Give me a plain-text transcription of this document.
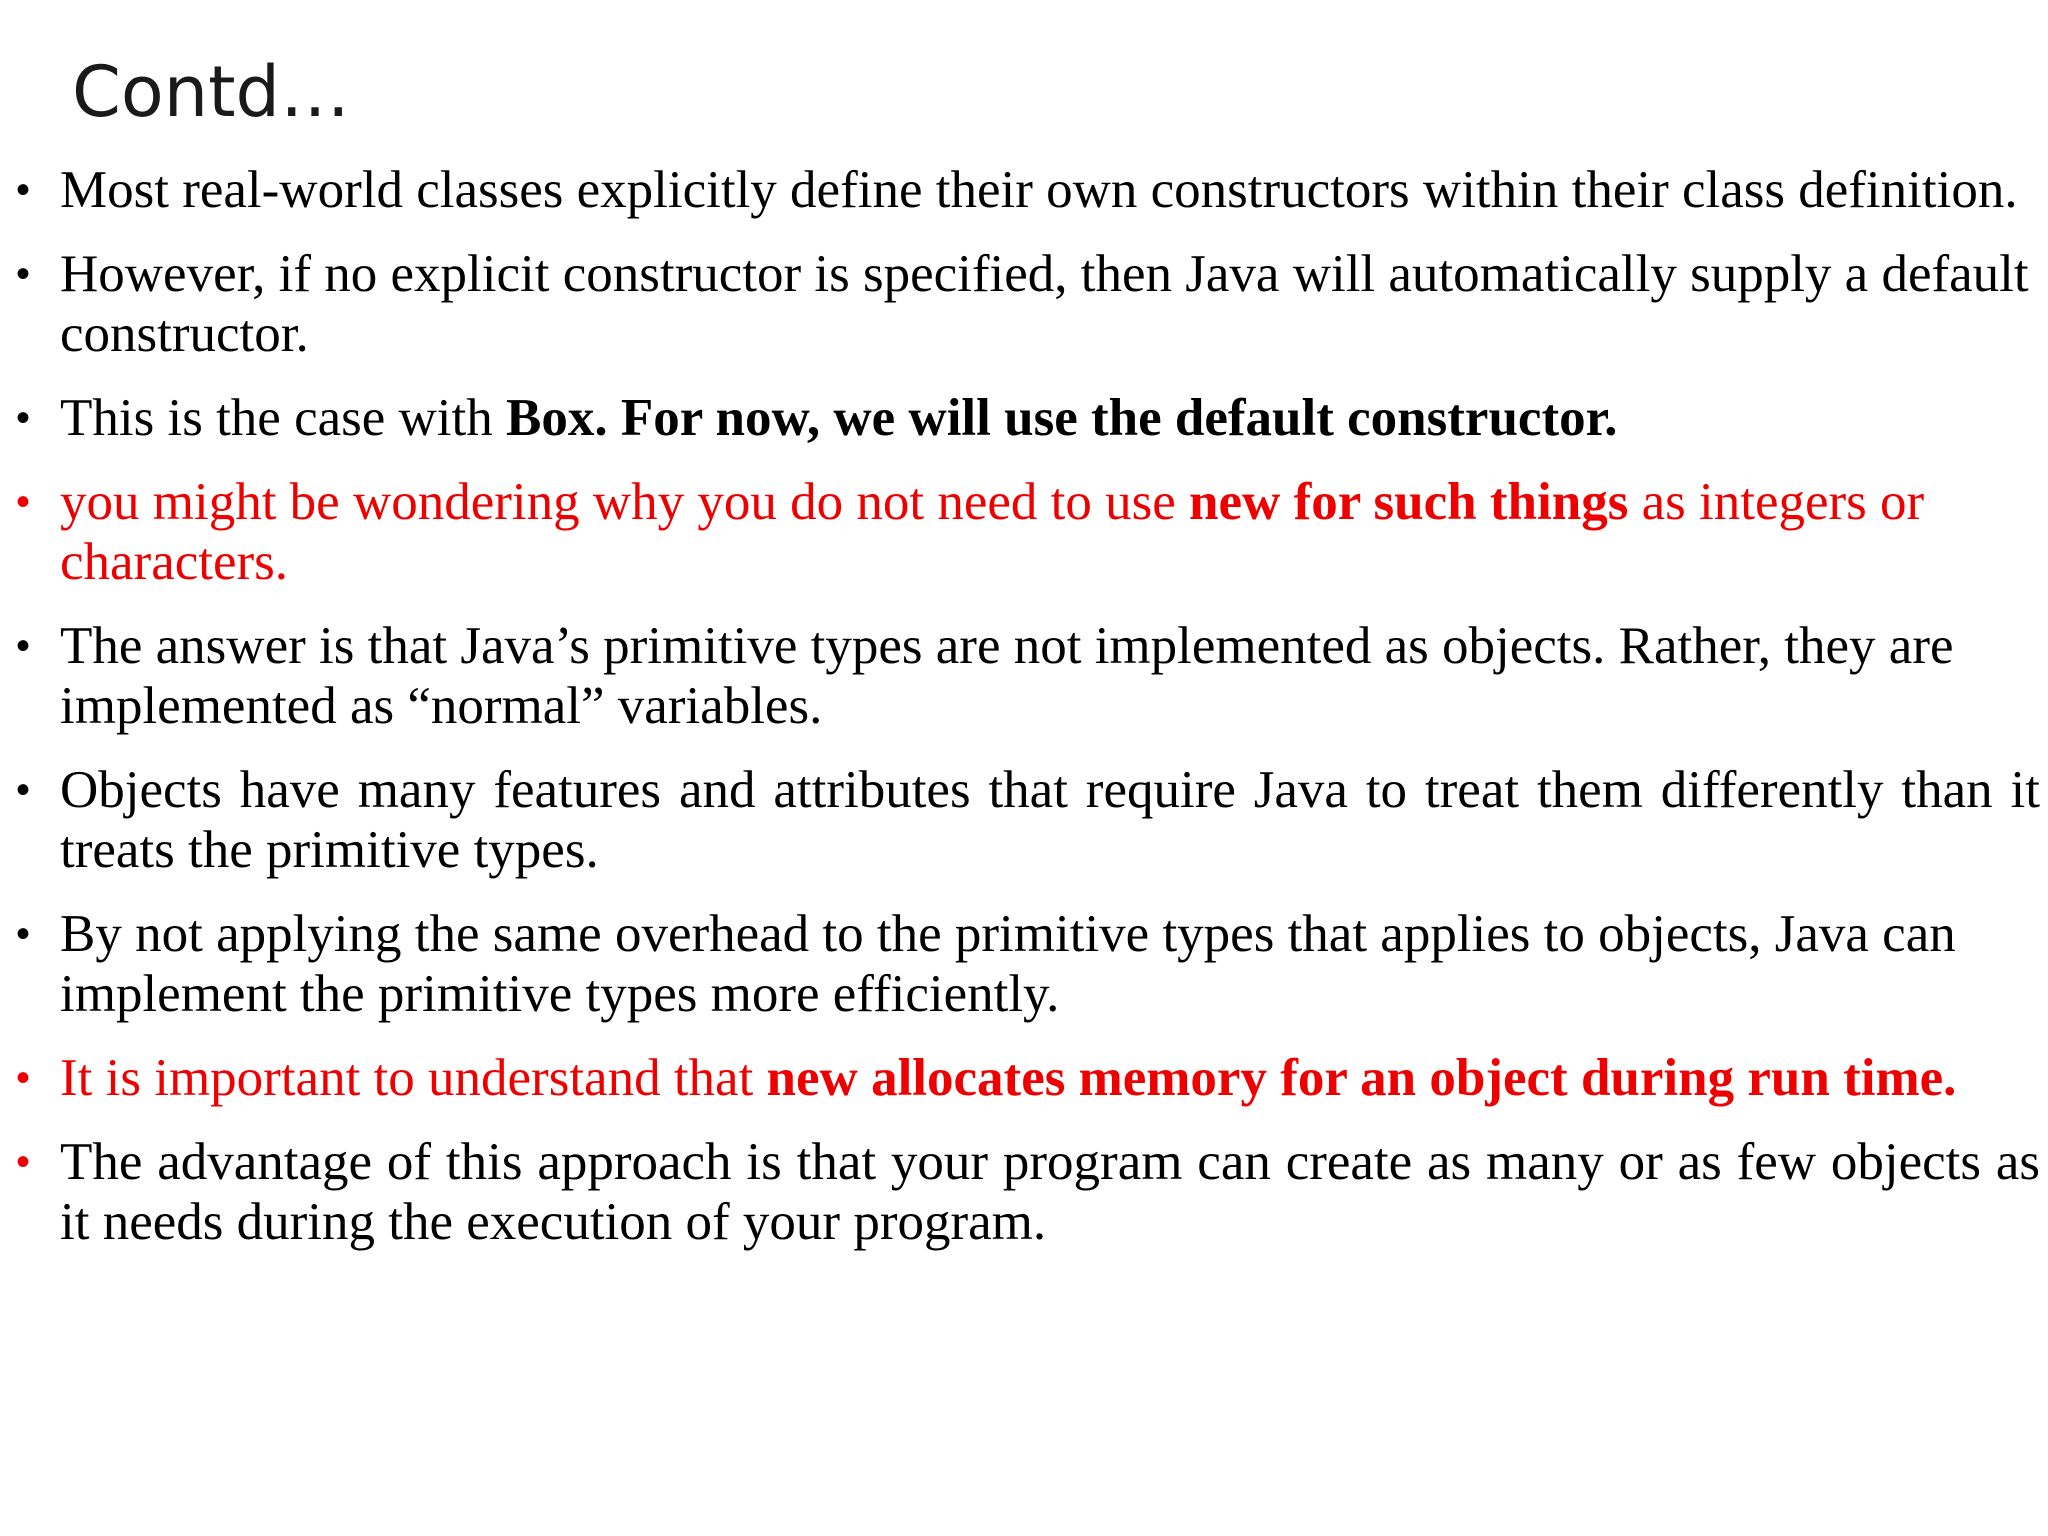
Contd…
• Most real-world classes explicitly define their own constructors within their class definition.
• However, if no explicit constructor is specified, then Java will automatically supply a default constructor.
• This is the case with Box. For now, we will use the default constructor.
• you might be wondering why you do not need to use new for such things as integers or characters.
• The answer is that Java’s primitive types are not implemented as objects. Rather, they are implemented as “normal” variables.
• Objects have many features and attributes that require Java to treat them differently than it treats the primitive types.
• By not applying the same overhead to the primitive types that applies to objects, Java can implement the primitive types more efficiently.
• It is important to understand that new allocates memory for an object during run time.
• The advantage of this approach is that your program can create as many or as few objects as it needs during the execution of your program.
